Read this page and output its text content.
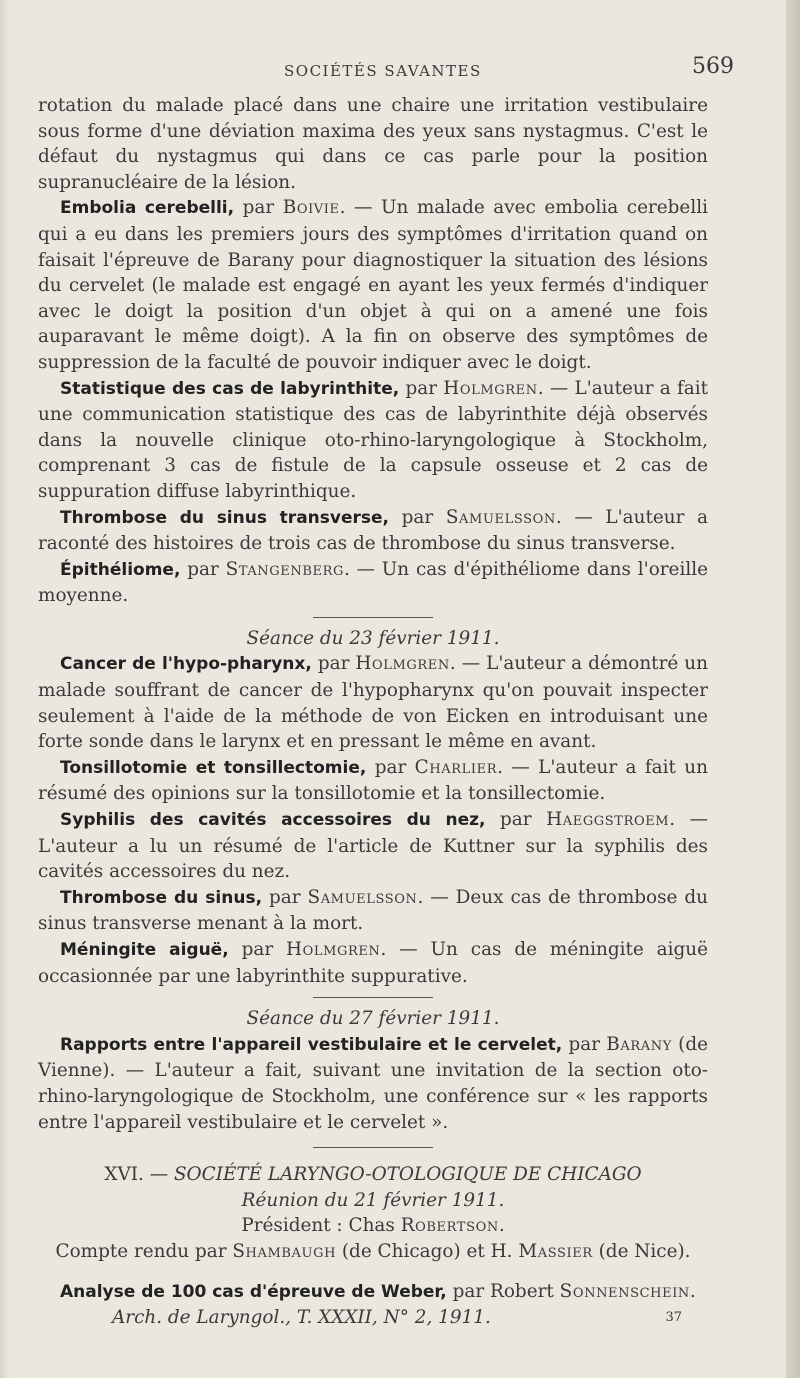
SOCIÉTÉS SAVANTES	569

rotation du malade placé dans une chaire une irritation vestibulaire sous forme d'une déviation maxima des yeux sans nystagmus. C'est le défaut du nystagmus qui dans ce cas parle pour la position supranucléaire de la lésion.

Embolia cerebelli, par Boivie. — Un malade avec embolia cerebelli qui a eu dans les premiers jours des symptômes d'irritation quand on faisait l'épreuve de Barany pour diagnostiquer la situation des lésions du cervelet (le malade est engagé en ayant les yeux fermés d'indiquer avec le doigt la position d'un objet à qui on a amené une fois auparavant le même doigt). A la fin on observe des symptômes de suppression de la faculté de pouvoir indiquer avec le doigt.

Statistique des cas de labyrinthite, par Holmgren. — L'auteur a fait une communication statistique des cas de labyrinthite déjà observés dans la nouvelle clinique oto-rhino-laryngologique à Stockholm, comprenant 3 cas de fistule de la capsule osseuse et 2 cas de suppuration diffuse labyrinthique.

Thrombose du sinus transverse, par Samuelsson. — L'auteur a raconté des histoires de trois cas de thrombose du sinus transverse.

Épithéliome, par Stangenberg. — Un cas d'épithéliome dans l'oreille moyenne.

Séance du 23 février 1911.

Cancer de l'hypo-pharynx, par Holmgren. — L'auteur a démontré un malade souffrant de cancer de l'hypopharynx qu'on pouvait inspecter seulement à l'aide de la méthode de von Eicken en introduisant une forte sonde dans le larynx et en pressant le même en avant.

Tonsillotomie et tonsillectomie, par Charlier. — L'auteur a fait un résumé des opinions sur la tonsillotomie et la tonsillectomie.

Syphilis des cavités accessoires du nez, par Haeggstroem. — L'auteur a lu un résumé de l'article de Kuttner sur la syphilis des cavités accessoires du nez.

Thrombose du sinus, par Samuelsson. — Deux cas de thrombose du sinus transverse menant à la mort.

Méningite aiguë, par Holmgren. — Un cas de méningite aiguë occasionnée par une labyrinthite suppurative.

Séance du 27 février 1911.

Rapports entre l'appareil vestibulaire et le cervelet, par Barany (de Vienne). — L'auteur a fait, suivant une invitation de la section oto-rhino-laryngologique de Stockholm, une conférence sur « les rapports entre l'appareil vestibulaire et le cervelet ».

XVI. — SOCIÉTÉ LARYNGO-OTOLOGIQUE DE CHICAGO

Réunion du 21 février 1911.

Président : Chas Robertson.

Compte rendu par Shambaugh (de Chicago) et H. Massier (de Nice).

Analyse de 100 cas d'épreuve de Weber, par Robert Sonnenschein.

Arch. de Laryngol., T. XXXII, N° 2, 1911.	37
